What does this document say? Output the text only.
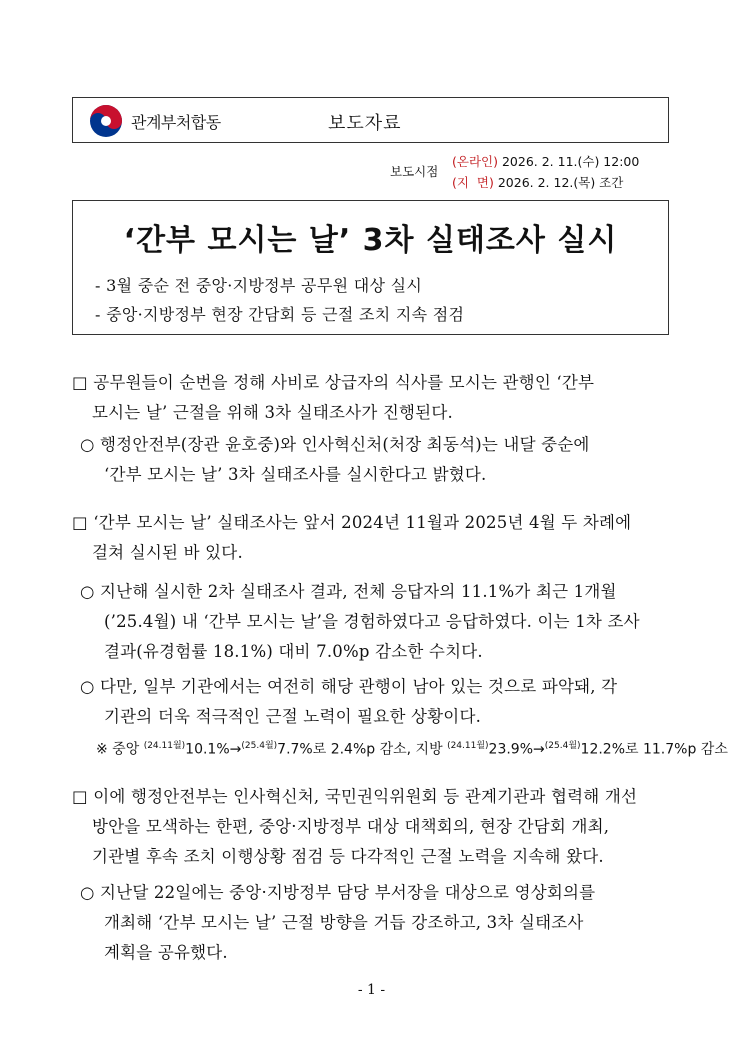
관계부처합동	보도자료
보도시점
(온라인) 2026. 2. 11.(수) 12:00
(지  면) 2026. 2. 12.(목) 조간
‘간부 모시는 날’ 3차 실태조사 실시
- 3월 중순 전 중앙·지방정부 공무원 대상 실시
- 중앙·지방정부 현장 간담회 등 근절 조치 지속 점검
□ 공무원들이 순번을 정해 사비로 상급자의 식사를 모시는 관행인 ‘간부
모시는 날’ 근절을 위해 3차 실태조사가 진행된다.
○ 행정안전부(장관 윤호중)와 인사혁신처(처장 최동석)는 내달 중순에
‘간부 모시는 날’ 3차 실태조사를 실시한다고 밝혔다.
□ ‘간부 모시는 날’ 실태조사는 앞서 2024년 11월과 2025년 4월 두 차례에
걸쳐 실시된 바 있다.
○ 지난해 실시한 2차 실태조사 결과, 전체 응답자의 11.1%가 최근 1개월
(’25.4월) 내 ‘간부 모시는 날’을 경험하였다고 응답하였다. 이는 1차 조사
결과(유경험률 18.1%) 대비 7.0%p 감소한 수치다.
○ 다만, 일부 기관에서는 여전히 해당 관행이 남아 있는 것으로 파악돼, 각
기관의 더욱 적극적인 근절 노력이 필요한 상황이다.
※ 중앙 $^{(24.11월)}$10.1%→$^{(25.4월)}$7.7%로 2.4%p 감소, 지방 $^{(24.11월)}$23.9%→$^{(25.4월)}$12.2%로 11.7%p 감소
□ 이에 행정안전부는 인사혁신처, 국민권익위원회 등 관계기관과 협력해 개선
방안을 모색하는 한편, 중앙·지방정부 대상 대책회의, 현장 간담회 개최,
기관별 후속 조치 이행상황 점검 등 다각적인 근절 노력을 지속해 왔다.
○ 지난달 22일에는 중앙·지방정부 담당 부서장을 대상으로 영상회의를
개최해 ‘간부 모시는 날’ 근절 방향을 거듭 강조하고, 3차 실태조사
계획을 공유했다.
- 1 -
